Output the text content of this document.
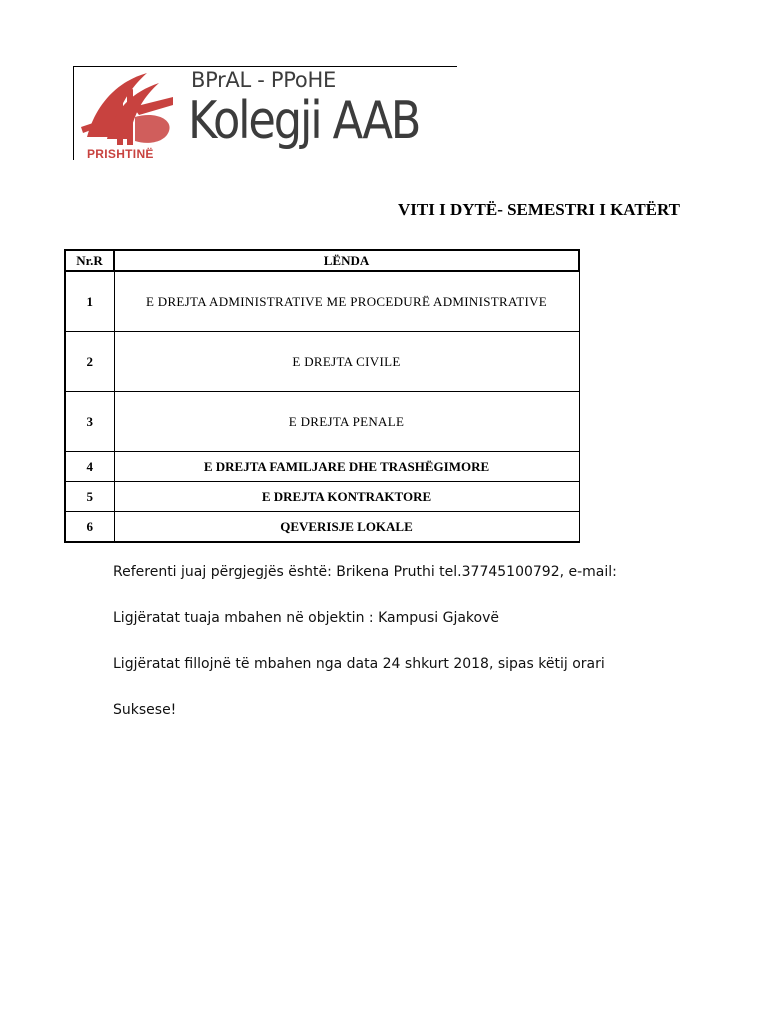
PRISHTINË
BPrAL - PPoHE
Kolegji AAB
VITI I DYTË- SEMESTRI I KATËRT
Nr.R	LËNDA
1	E DREJTA ADMINISTRATIVE ME PROCEDURË ADMINISTRATIVE
2	E DREJTA CIVILE
3	E DREJTA PENALE
4	E DREJTA FAMILJARE DHE TRASHËGIMORE
5	E DREJTA KONTRAKTORE
6	QEVERISJE LOKALE
Referenti juaj përgjegjës është: Brikena Pruthi tel.37745100792, e-mail:
Ligjëratat tuaja mbahen në objektin : Kampusi Gjakovë
Ligjëratat fillojnë të mbahen nga data 24 shkurt 2018, sipas këtij orari
Suksese!
